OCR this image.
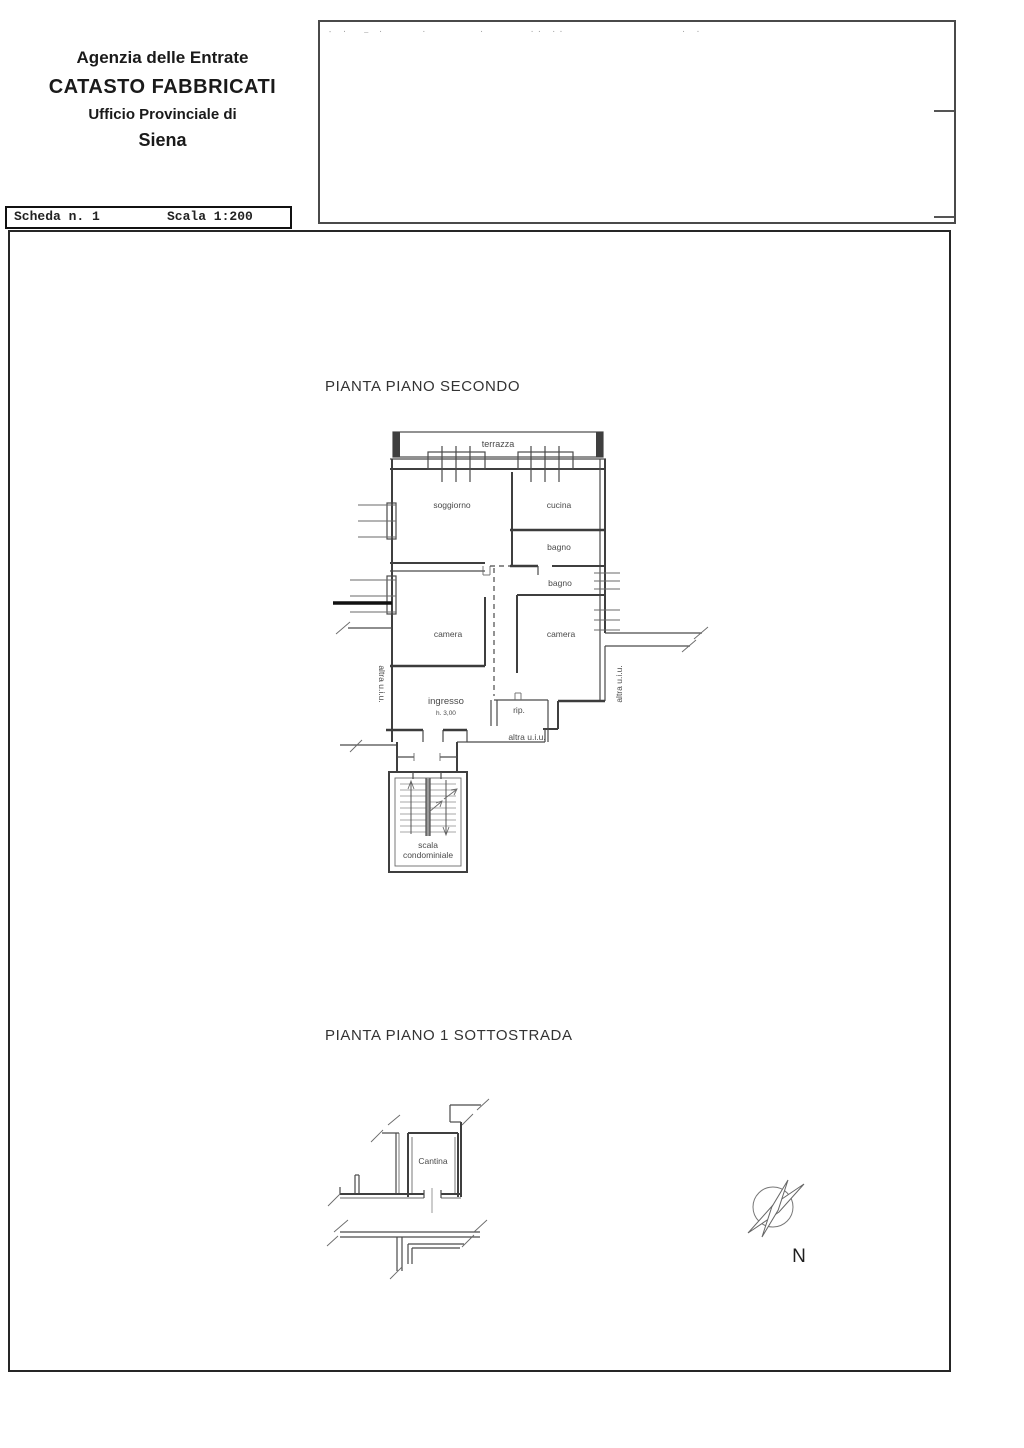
Agenzia delle Entrate
CATASTO FABBRICATI
Ufficio Provinciale di
Siena
Scheda n. 1	Scala 1:200
‐ ·  – ·     ·       ·      ·· ··                · ·
PIANTA PIANO SECONDO
PIANTA PIANO 1 SOTTOSTRADA
terrazza
soggiorno	cucina
bagno
bagno
camera	camera
ingresso
h. 3,00	rip.
altra u.i.u.
altra u.i.u.	altra u.i.u.
scala
condominiale
Cantina
N
